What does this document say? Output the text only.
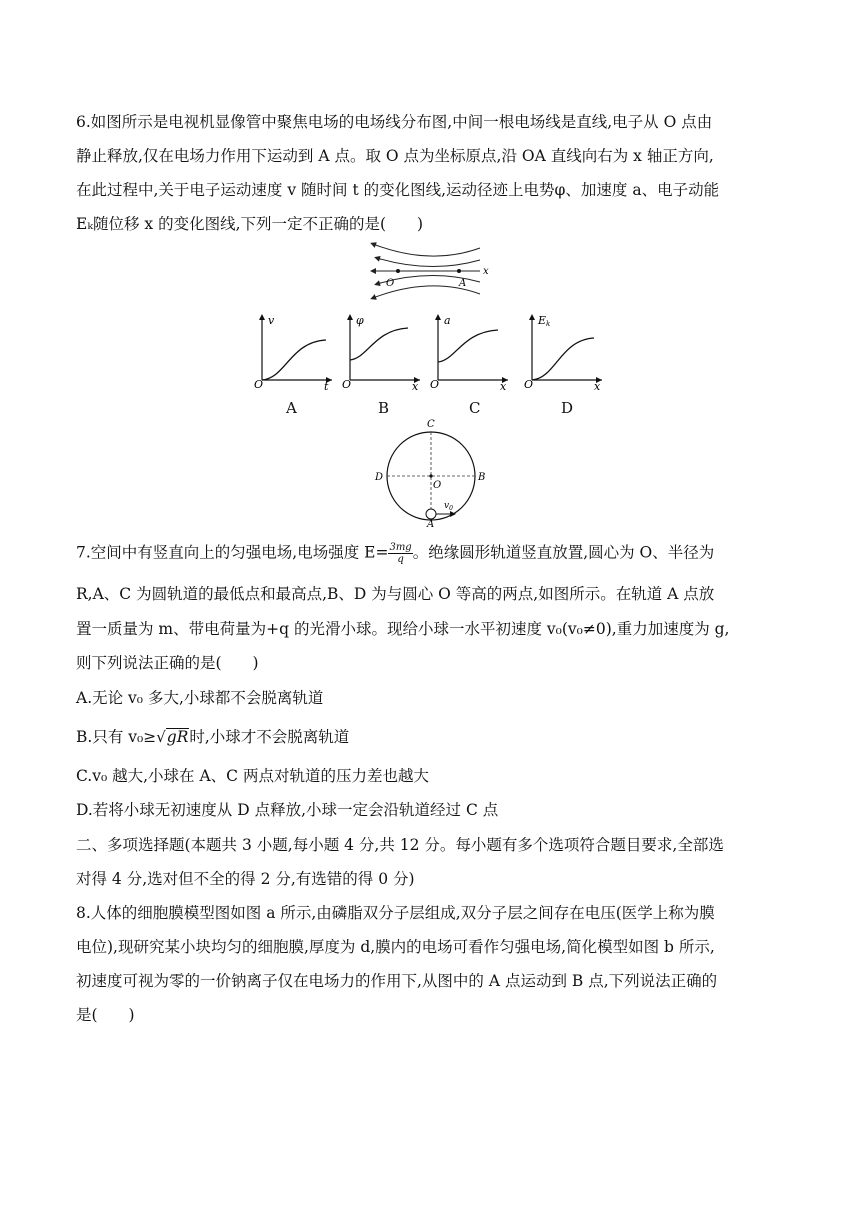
6.如图所示是电视机显像管中聚焦电场的电场线分布图,中间一根电场线是直线,电子从 O 点由
静止释放,仅在电场力作用下运动到 A 点。取 O 点为坐标原点,沿 OA 直线向右为 x 轴正方向,
在此过程中,关于电子运动速度 v 随时间 t 的变化图线,运动径迹上电势φ、加速度 a、电子动能
Eₖ随位移 x 的变化图线,下列一定不正确的是(　　)
O	A
x
v
t
O
φ
x
O
a
x
O
Ek
x
O
A	B	C	D
C
D	B
O
A
$v_0$
7.空间中有竖直向上的匀强电场,电场强度 $E= \frac{3mg}{q}$ 。绝缘圆形轨道竖直放置,圆心为 O、半径为
R,A、C 为圆轨道的最低点和最高点,B、D 为与圆心 O 等高的两点,如图所示。在轨道 A 点放
置一质量为 m、带电荷量为+q 的光滑小球。现给小球一水平初速度 v₀(v₀≠0),重力加速度为 g,
则下列说法正确的是(　　)
A.无论 v₀ 多大,小球都不会脱离轨道
B.只有 v₀≥√gR时,小球才不会脱离轨道
C.v₀ 越大,小球在 A、C 两点对轨道的压力差也越大
D.若将小球无初速度从 D 点释放,小球一定会沿轨道经过 C 点
二、多项选择题(本题共 3 小题,每小题 4 分,共 12 分。每小题有多个选项符合题目要求,全部选
对得 4 分,选对但不全的得 2 分,有选错的得 0 分)
8.人体的细胞膜模型图如图 a 所示,由磷脂双分子层组成,双分子层之间存在电压(医学上称为膜
电位),现研究某小块均匀的细胞膜,厚度为 d,膜内的电场可看作匀强电场,简化模型如图 b 所示,
初速度可视为零的一价钠离子仅在电场力的作用下,从图中的 A 点运动到 B 点,下列说法正确的
是(　　)
